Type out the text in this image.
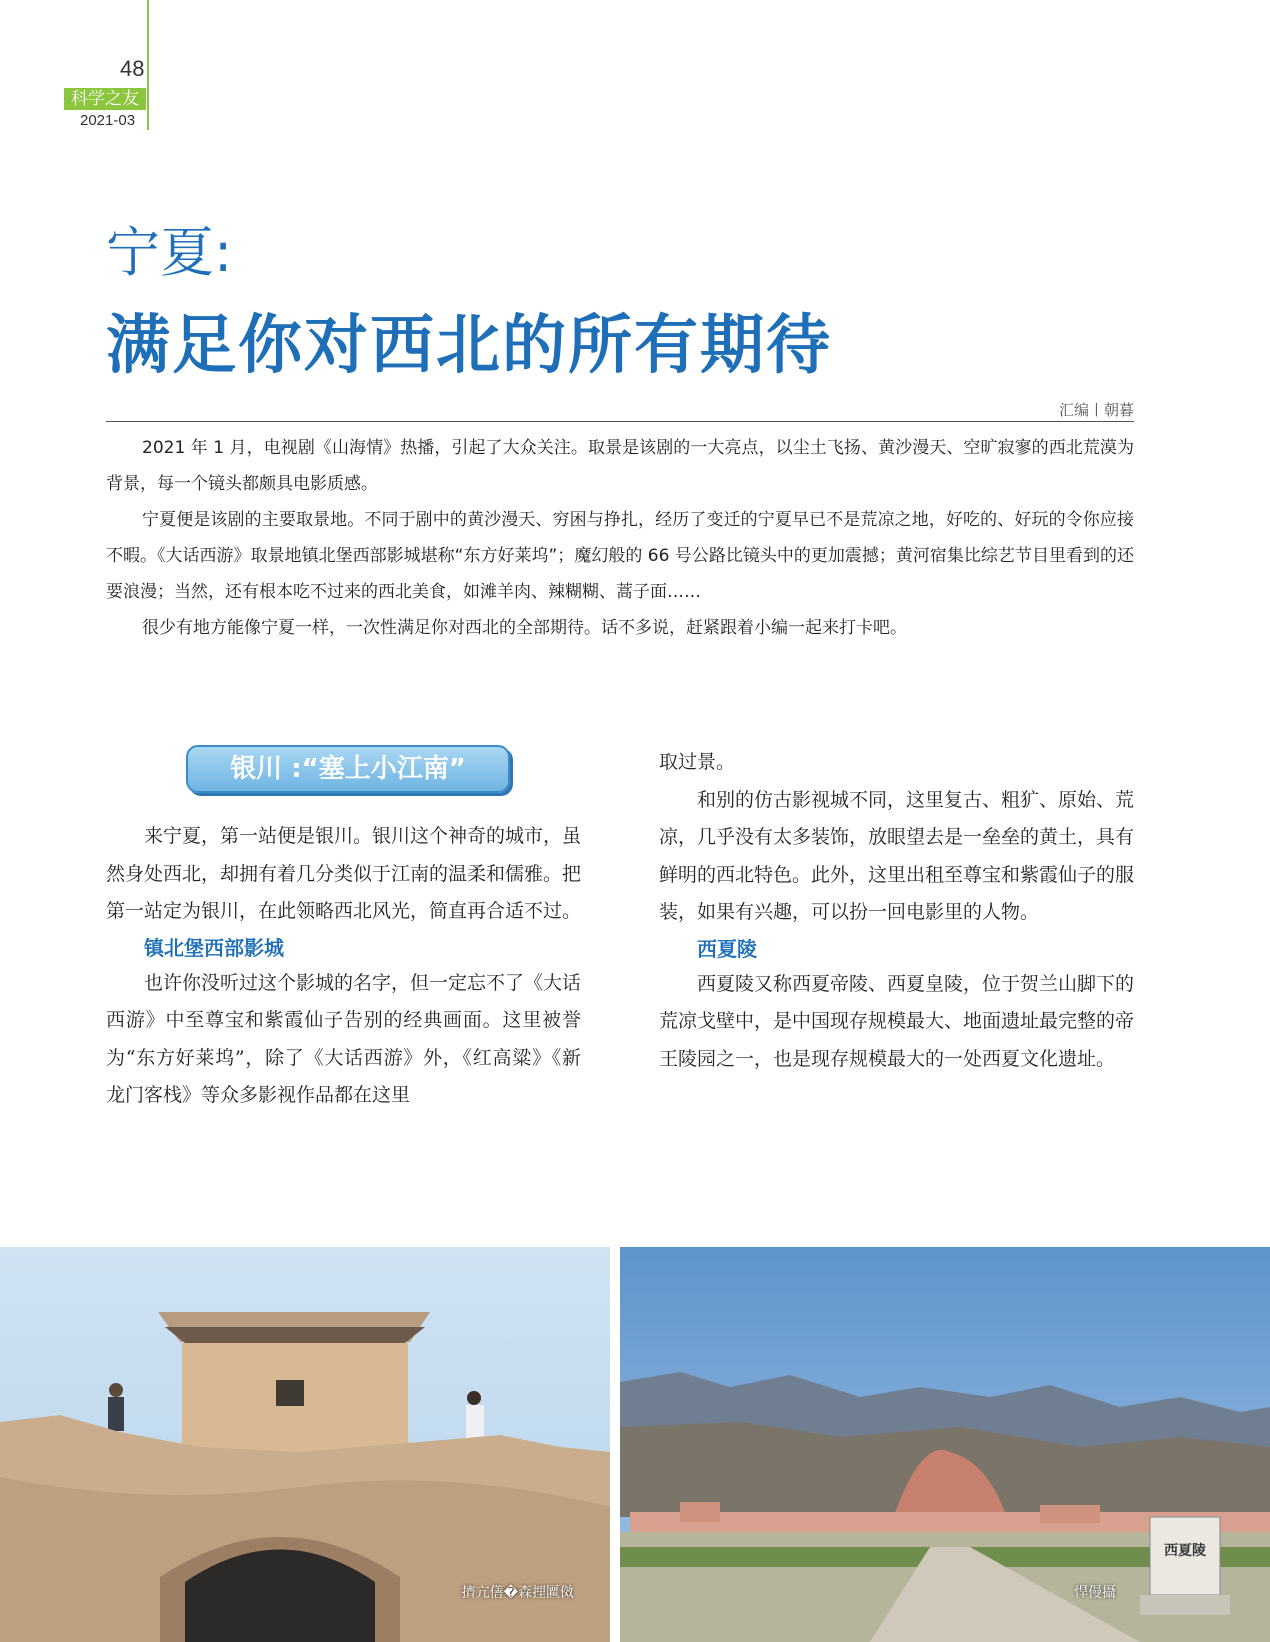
48
科学之友
2021-03
宁夏:
满足你对西北的所有期待
汇编丨朝暮

2021 年 1 月，电视剧《山海情》热播，引起了大众关注。取景是该剧的一大亮点，以尘土飞扬、黄沙漫天、空旷寂寥的西北荒漠为背景，每一个镜头都颇具电影质感。

宁夏便是该剧的主要取景地。不同于剧中的黄沙漫天、穷困与挣扎，经历了变迁的宁夏早已不是荒凉之地，好吃的、好玩的令你应接不暇。《大话西游》取景地镇北堡西部影城堪称“东方好莱坞”；魔幻般的 66 号公路比镜头中的更加震撼；黄河宿集比综艺节目里看到的还要浪漫；当然，还有根本吃不过来的西北美食，如滩羊肉、辣糊糊、蒿子面……

很少有地方能像宁夏一样，一次性满足你对西北的全部期待。话不多说，赶紧跟着小编一起来打卡吧。

银川 :“塞上小江南”

来宁夏，第一站便是银川。银川这个神奇的城市，虽然身处西北，却拥有着几分类似于江南的温柔和儒雅。把第一站定为银川，在此领略西北风光，简直再合适不过。

镇北堡西部影城

也许你没听过这个影城的名字，但一定忘不了《大话西游》中至尊宝和紫霞仙子告别的经典画面。这里被誉为“东方好莱坞”，除了《大话西游》外，《红高粱》《新龙门客栈》等众多影视作品都在这里

取过景。

和别的仿古影视城不同，这里复古、粗犷、原始、荒凉，几乎没有太多装饰，放眼望去是一垒垒的黄土，具有鲜明的西北特色。此外，这里出租至尊宝和紫霞仙子的服装，如果有兴趣，可以扮一回电影里的人物。

西夏陵

西夏陵又称西夏帝陵、西夏皇陵，位于贺兰山脚下的荒凉戈壁中，是中国现存规模最大、地面遗址最完整的帝王陵园之一，也是现存规模最大的一处西夏文化遗址。

擠亢僐�森捚匷傚
西夏陵
悍僈攝
